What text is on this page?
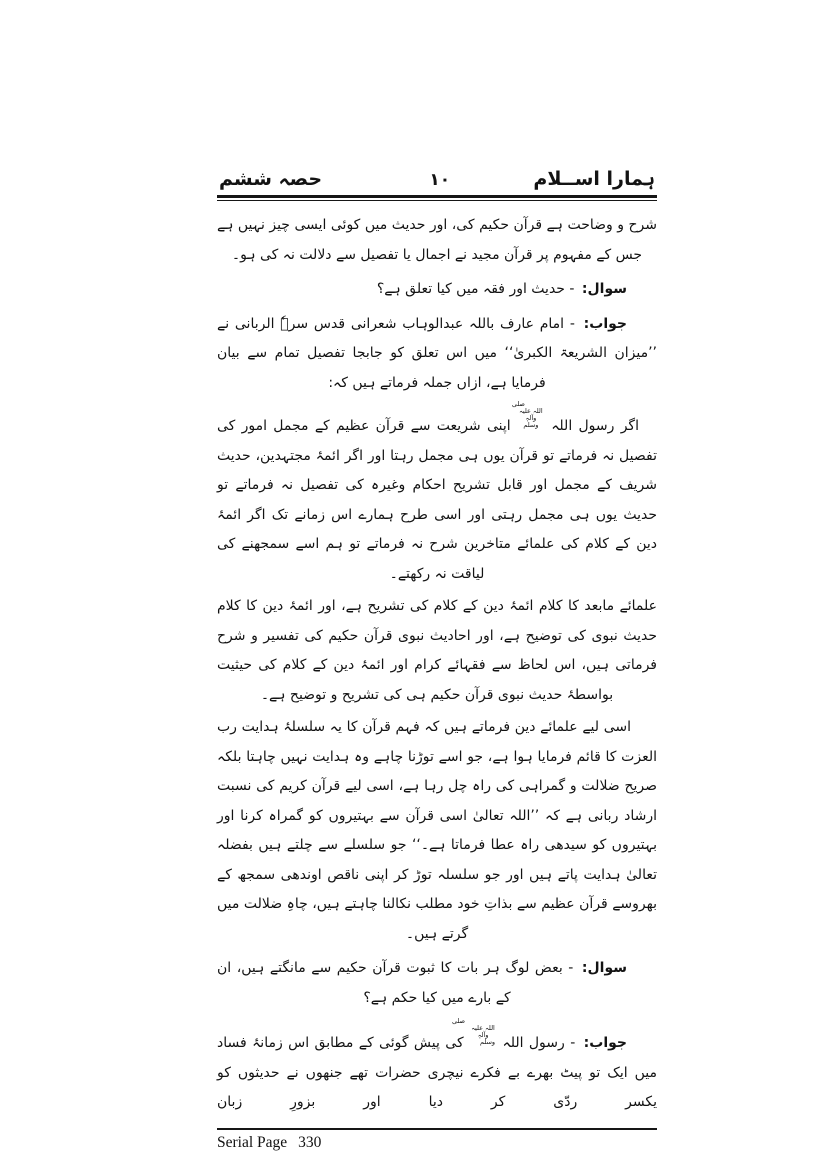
ہمارا اســلام
۱۰
حصہ ششم

شرح و وضاحت ہے قرآن حکیم کی، اور حدیث میں کوئی ایسی چیز نہیں ہے جس کے مفہوم پر قرآن مجید نے اجمال یا تفصیل سے دلالت نہ کی ہو۔

سوال: - حدیث اور فقہ میں کیا تعلق ہے؟

جواب: - امام عارف باللہ عبدالوہاب شعرانی قدس سرہٗ الربانی نے ’’میزان الشریعۃ الکبریٰ‘‘ میں اس تعلق کو جابجا تفصیل تمام سے بیان فرمایا ہے، ازاں جملہ فرماتے ہیں کہ:

اگر رسول اللہ صلی اللہ علیہ وآلہٖ وسلم اپنی شریعت سے قرآن عظیم کے مجمل امور کی تفصیل نہ فرماتے تو قرآن یوں ہی مجمل رہتا اور اگر ائمۂ مجتہدین، حدیث شریف کے مجمل اور قابل تشریح احکام وغیرہ کی تفصیل نہ فرماتے تو حدیث یوں ہی مجمل رہتی اور اسی طرح ہمارے اس زمانے تک اگر ائمۂ دین کے کلام کی علمائے متاخرین شرح نہ فرماتے تو ہم اسے سمجھنے کی لیاقت نہ رکھتے۔

علمائے مابعد کا کلام ائمۂ دین کے کلام کی تشریح ہے، اور ائمۂ دین کا کلام حدیث نبوی کی توضیح ہے، اور احادیث نبوی قرآن حکیم کی تفسیر و شرح فرماتی ہیں، اس لحاظ سے فقہائے کرام اور ائمۂ دین کے کلام کی حیثیت بواسطۂ حدیث نبوی قرآن حکیم ہی کی تشریح و توضیح ہے۔

اسی لیے علمائے دین فرماتے ہیں کہ فہم قرآن کا یہ سلسلۂ ہدایت رب العزت کا قائم فرمایا ہوا ہے، جو اسے توڑنا چاہے وہ ہدایت نہیں چاہتا بلکہ صریح ضلالت و گمراہی کی راہ چل رہا ہے، اسی لیے قرآن کریم کی نسبت ارشاد ربانی ہے کہ ’’اللہ تعالیٰ اسی قرآن سے بہتیروں کو گمراہ کرنا اور بہتیروں کو سیدھی راہ عطا فرماتا ہے۔‘‘ جو سلسلے سے چلتے ہیں بفضلہ تعالیٰ ہدایت پاتے ہیں اور جو سلسلہ توڑ کر اپنی ناقص اوندھی سمجھ کے بھروسے قرآن عظیم سے بذاتِ خود مطلب نکالنا چاہتے ہیں، چاہِ ضلالت میں گرتے ہیں۔

سوال: - بعض لوگ ہر بات کا ثبوت قرآن حکیم سے مانگتے ہیں، ان کے بارے میں کیا حکم ہے؟

جواب: - رسول اللہ صلی اللہ علیہ وآلہٖ وسلم کی پیش گوئی کے مطابق اس زمانۂ فساد میں ایک تو پیٹ بھرے بے فکرے نیچری حضرات تھے جنھوں نے حدیثوں کو یکسر ردّی کر دیا اور بزورِ زبان

Serial Page 330
